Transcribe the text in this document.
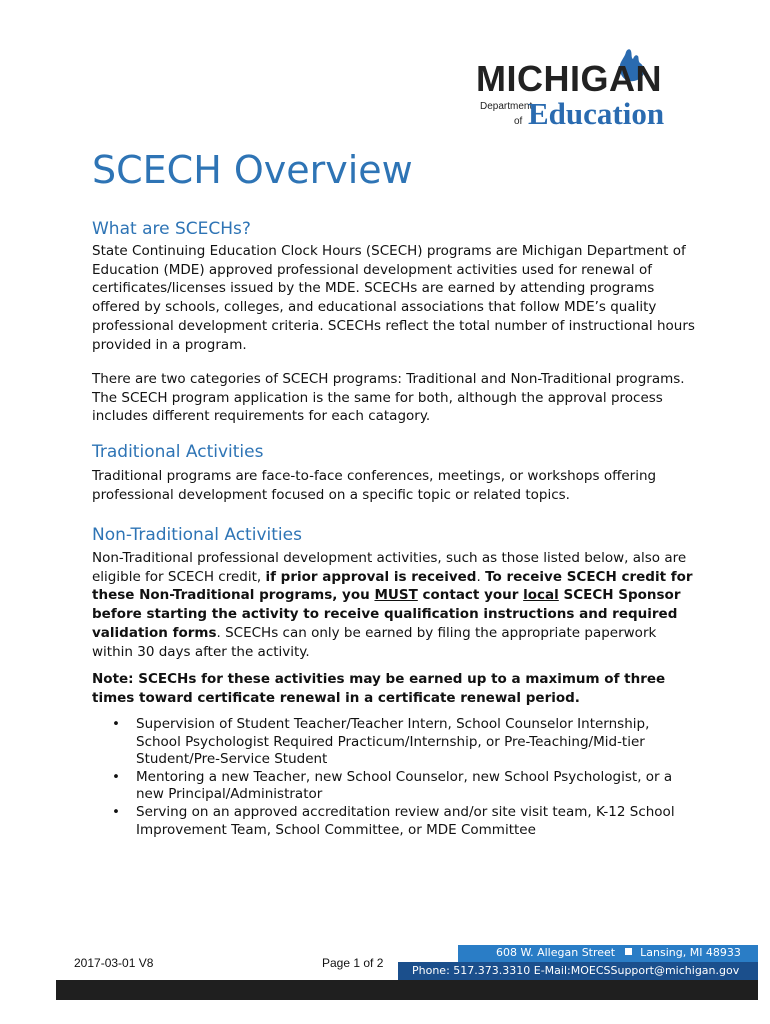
MICHIGAN
Department
of Education
SCECH Overview
What are SCECHs?

State Continuing Education Clock Hours (SCECH) programs are Michigan Department of Education (MDE) approved professional development activities used for renewal of certificates/licenses issued by the MDE. SCECHs are earned by attending programs offered by schools, colleges, and educational associations that follow MDE’s quality professional development criteria. SCECHs reflect the total number of instructional hours provided in a program.

There are two categories of SCECH programs: Traditional and Non-Traditional programs. The SCECH program application is the same for both, although the approval process includes different requirements for each catagory.

Traditional Activities

Traditional programs are face-to-face conferences, meetings, or workshops offering professional development focused on a specific topic or related topics.

Non-Traditional Activities

Non-Traditional professional development activities, such as those listed below, also are eligible for SCECH credit, if prior approval is received. To receive SCECH credit for these Non-Traditional programs, you MUST contact your local SCECH Sponsor before starting the activity to receive qualification instructions and required validation forms. SCECHs can only be earned by filing the appropriate paperwork within 30 days after the activity.

Note: SCECHs for these activities may be earned up to a maximum of three times toward certificate renewal in a certificate renewal period.

• Supervision of Student Teacher/Teacher Intern, School Counselor Internship, School Psychologist Required Practicum/Internship, or Pre-Teaching/Mid-tier Student/Pre-Service Student
• Mentoring a new Teacher, new School Counselor, new School Psychologist, or a new Principal/Administrator
• Serving on an approved accreditation review and/or site visit team, K-12 School Improvement Team, School Committee, or MDE Committee
2017-03-01 V8	Page 1 of 2
608 W. Allegan Street Lansing, MI 48933
Phone: 517.373.3310 E-Mail:MOECSSupport@michigan.gov
